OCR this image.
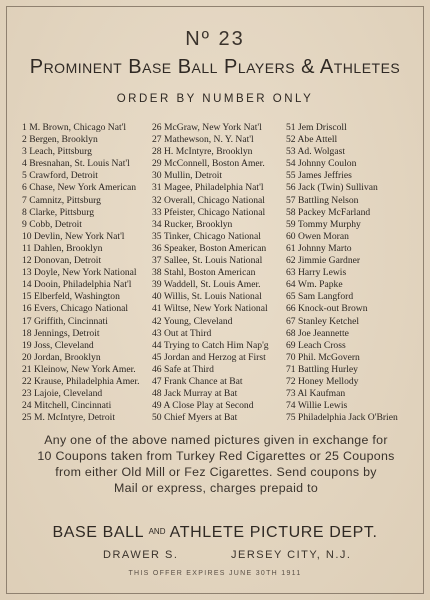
Nº 23
Prominent Base Ball Players & Athletes
ORDER BY NUMBER ONLY
1 M. Brown, Chicago Nat'l
2 Bergen, Brooklyn
3 Leach, Pittsburg
4 Bresnahan, St. Louis Nat'l
5 Crawford, Detroit
6 Chase, New York American
7 Camnitz, Pittsburg
8 Clarke, Pittsburg
9 Cobb, Detroit
10 Devlin, New York Nat'l
11 Dahlen, Brooklyn
12 Donovan, Detroit
13 Doyle, New York National
14 Dooin, Philadelphia Nat'l
15 Elberfeld, Washington
16 Evers, Chicago National
17 Griffith, Cincinnati
18 Jennings, Detroit
19 Joss, Cleveland
20 Jordan, Brooklyn
21 Kleinow, New York Amer.
22 Krause, Philadelphia Amer.
23 Lajoie, Cleveland
24 Mitchell, Cincinnati
25 M. McIntyre, Detroit
26 McGraw, New York Nat'l
27 Mathewson, N. Y. Nat'l
28 H. McIntyre, Brooklyn
29 McConnell, Boston Amer.
30 Mullin, Detroit
31 Magee, Philadelphia Nat'l
32 Overall, Chicago National
33 Pfeister, Chicago National
34 Rucker, Brooklyn
35 Tinker, Chicago National
36 Speaker, Boston American
37 Sallee, St. Louis National
38 Stahl, Boston American
39 Waddell, St. Louis Amer.
40 Willis, St. Louis National
41 Wiltse, New York National
42 Young, Cleveland
43 Out at Third
44 Trying to Catch Him Nap'g
45 Jordan and Herzog at First
46 Safe at Third
47 Frank Chance at Bat
48 Jack Murray at Bat
49 A Close Play at Second
50 Chief Myers at Bat
51 Jem Driscoll
52 Abe Attell
53 Ad. Wolgast
54 Johnny Coulon
55 James Jeffries
56 Jack (Twin) Sullivan
57 Battling Nelson
58 Packey McFarland
59 Tommy Murphy
60 Owen Moran
61 Johnny Marto
62 Jimmie Gardner
63 Harry Lewis
64 Wm. Papke
65 Sam Langford
66 Knock-out Brown
67 Stanley Ketchel
68 Joe Jeannette
69 Leach Cross
70 Phil. McGovern
71 Battling Hurley
72 Honey Mellody
73 Al Kaufman
74 Willie Lewis
75 Philadelphia Jack O'Brien
Any one of the above named pictures given in exchange for
10 Coupons taken from Turkey Red Cigarettes or 25 Coupons
from either Old Mill or Fez Cigarettes. Send coupons by
Mail or express, charges prepaid to
BASE BALL AND ATHLETE PICTURE DEPT.
DRAWER S.	JERSEY CITY, N.J.
THIS OFFER EXPIRES JUNE 30TH 1911
